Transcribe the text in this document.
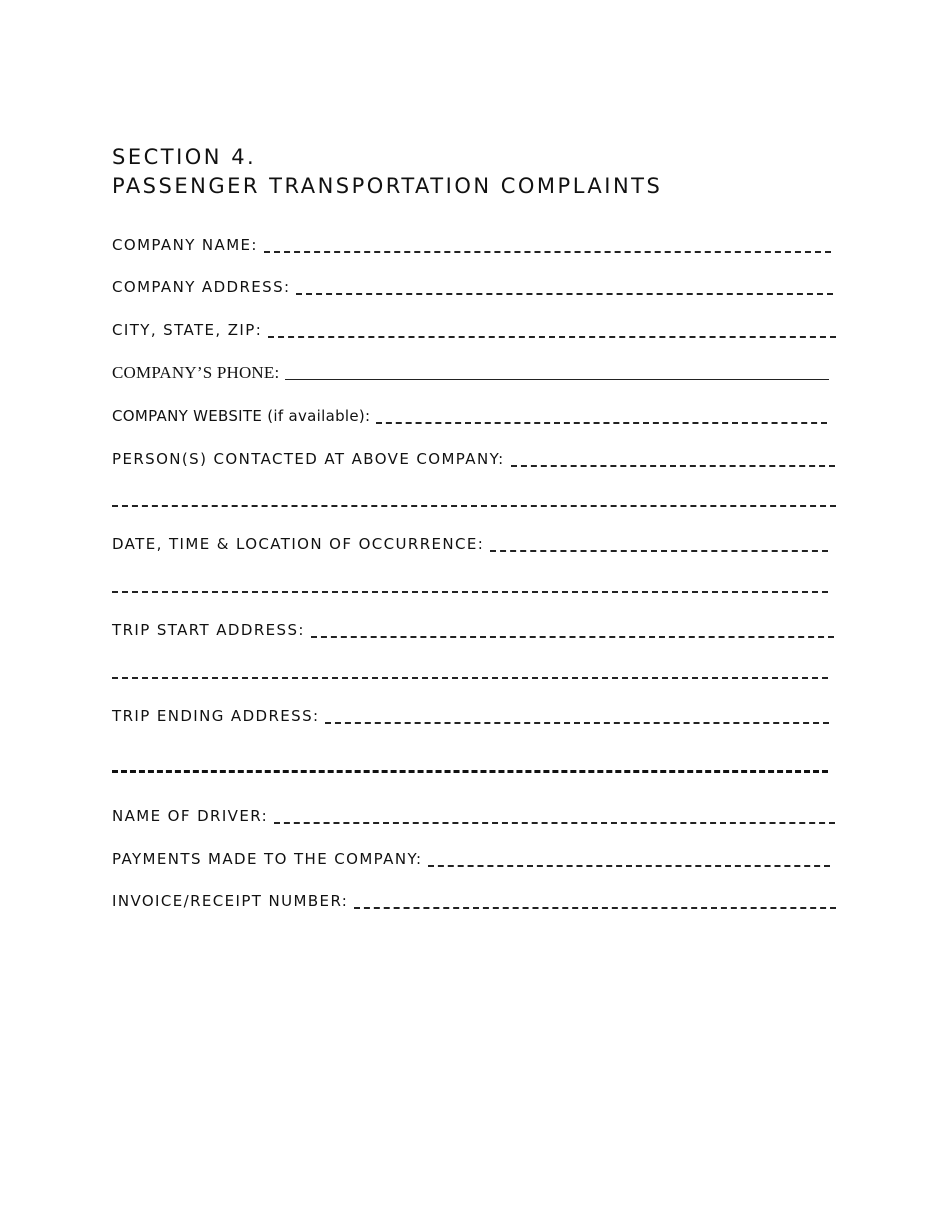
SECTION 4.
PASSENGER TRANSPORTATION COMPLAINTS
COMPANY NAME:
COMPANY ADDRESS:
CITY, STATE, ZIP:
COMPANY’S PHONE:
COMPANY WEBSITE (if available):
PERSON(S) CONTACTED AT ABOVE COMPANY:
DATE, TIME & LOCATION OF OCCURRENCE:
TRIP START ADDRESS:
TRIP ENDING ADDRESS:
NAME OF DRIVER:
PAYMENTS MADE TO THE COMPANY:
INVOICE/RECEIPT NUMBER:
